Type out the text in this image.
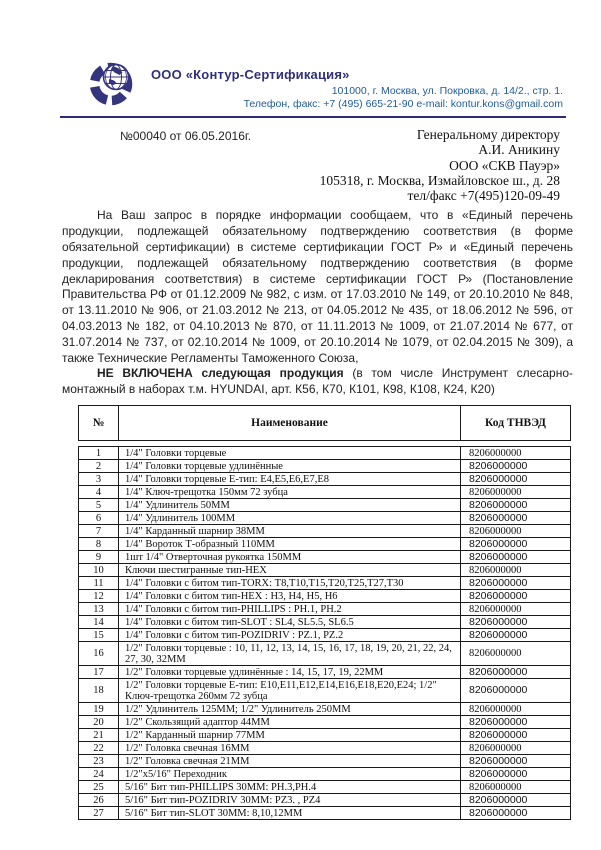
ООО «Контур-Сертификация»
101000, г. Москва, ул. Покровка, д. 14/2., стр. 1.
Телефон, факс: +7 (495) 665-21-90 e-mail: kontur.kons@gmail.com
№00040 от 06.05.2016г.	Генеральному директору
А.И. Аникину
ООО «СКВ Пауэр»
105318, г. Москва, Измайловское ш., д. 28
тел/факс +7(495)120-09-49

На Ваш запрос в порядке информации сообщаем, что в «Единый перечень продукции, подлежащей обязательному подтверждению соответствия (в форме обязательной сертификации) в системе сертификации ГОСТ Р» и «Единый перечень продукции, подлежащей обязательному подтверждению соответствия (в форме декларирования соответствия) в системе сертификации ГОСТ Р» (Постановление Правительства РФ от 01.12.2009 № 982, с изм. от 17.03.2010 № 149, от 20.10.2010 № 848, от 13.11.2010 № 906, от 21.03.2012 № 213, от 04.05.2012 № 435, от 18.06.2012 № 596, от 04.03.2013 № 182, от 04.10.2013 № 870, от 11.11.2013 № 1009, от 21.07.2014 № 677, от 31.07.2014 № 737, от 02.10.2014 № 1009, от 20.10.2014 № 1079, от 02.04.2015 № 309), а также Технические Регламенты Таможенного Союза,

НЕ ВКЛЮЧЕНА следующая продукция (в том числе Инструмент слесарно-монтажный в наборах т.м. HYUNDAI, арт. К56, К70, К101, К98, К108, К24, К20)

№	Наименование	Код ТНВЭД
1	1/4" Головки торцевые	8206000000
2	1/4" Головки торцевые удлинённые	8206000000
3	1/4" Головки торцевые Е-тип: Е4,Е5,Е6,Е7,Е8	8206000000
4	1/4" Ключ-трещотка 150мм 72 зубца	8206000000
5	1/4" Удлинитель 50ММ	8206000000
6	1/4" Удлинитель 100ММ	8206000000
7	1/4" Карданный шарнир 38ММ	8206000000
8	1/4" Вороток Т-образный 110ММ	8206000000
9	1шт 1/4" Отверточная рукоятка 150ММ	8206000000
10	Ключи шестигранные тип-HEX	8206000000
11	1/4" Головки с битом тип-TORX: Т8,Т10,Т15,Т20,Т25,Т27,Т30	8206000000
12	1/4" Головки с битом тип-HEX : Н3, Н4, Н5, Н6	8206000000
13	1/4" Головки с битом тип-PHILLIPS : РН.1, РН.2	8206000000
14	1/4" Головки с битом тип-SLOT : SL4, SL5.5, SL6.5	8206000000
15	1/4" Головки с битом тип-POZIDRIV : PZ.1, PZ.2	8206000000
16	1/2" Головки торцевые : 10, 11, 12, 13, 14, 15, 16, 17, 18, 19, 20, 21, 22, 24, 27, 30, 32ММ	8206000000
17	1/2" Головки торцевые удлинённые : 14, 15, 17, 19, 22ММ	8206000000
18	1/2" Головки торцевые Е-тип: Е10,Е11,Е12,Е14,Е16,Е18,Е20,Е24; 1/2" Ключ-трещотка 260мм 72 зубца	8206000000
19	1/2" Удлинитель 125ММ; 1/2" Удлинитель 250ММ	8206000000
20	1/2" Скользящий адаптор 44ММ	8206000000
21	1/2" Карданный шарнир 77ММ	8206000000
22	1/2" Головка свечная 16ММ	8206000000
23	1/2" Головка свечная 21ММ	8206000000
24	1/2"х5/16" Переходник	8206000000
25	5/16" Бит тип-PHILLIPS 30ММ: РН.3,РН.4	8206000000
26	5/16" Бит тип-POZIDRIV 30ММ: PZ3. , PZ4	8206000000
27	5/16" Бит тип-SLOT 30ММ: 8,10,12ММ	8206000000
